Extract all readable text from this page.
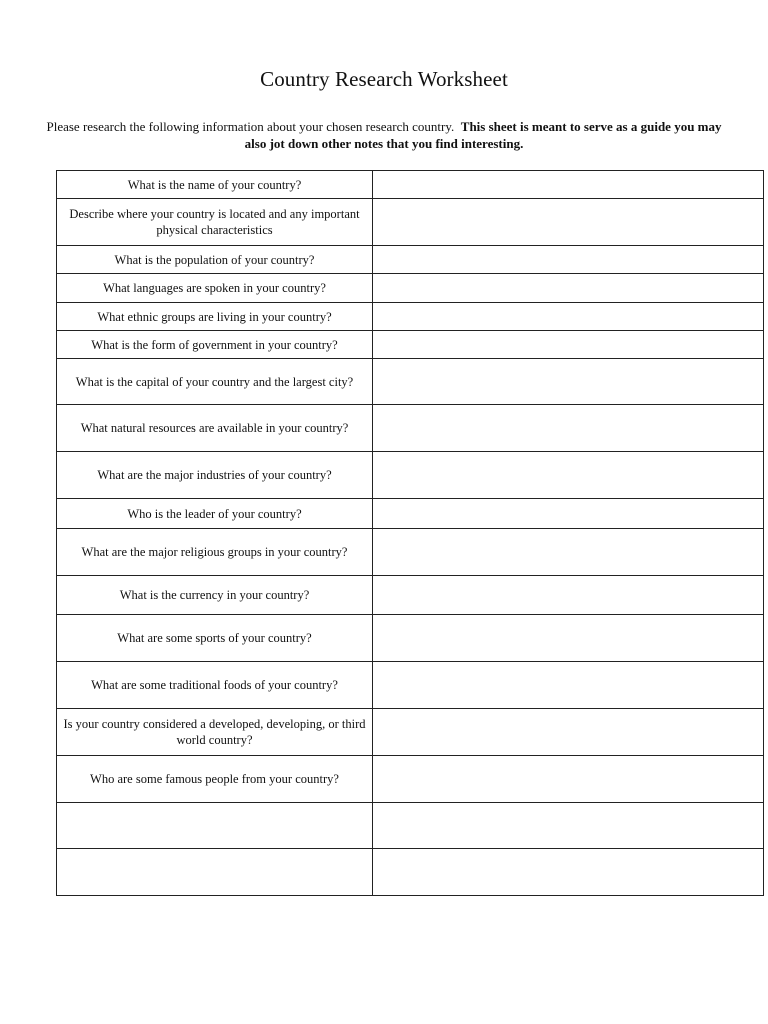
Country Research Worksheet
Please research the following information about your chosen research country. This sheet is meant to serve as a guide you may also jot down other notes that you find interesting.
What is the name of your country?	
Describe where your country is located and any important physical characteristics	
What is the population of your country?	
What languages are spoken in your country?	
What ethnic groups are living in your country?	
What is the form of government in your country?	
What is the capital of your country and the largest city?	
What natural resources are available in your country?	
What are the major industries of your country?	
Who is the leader of your country?	
What are the major religious groups in your country?	
What is the currency in your country?	
What are some sports of your country?	
What are some traditional foods of your country?	
Is your country considered a developed, developing, or third world country?	
Who are some famous people from your country?	
